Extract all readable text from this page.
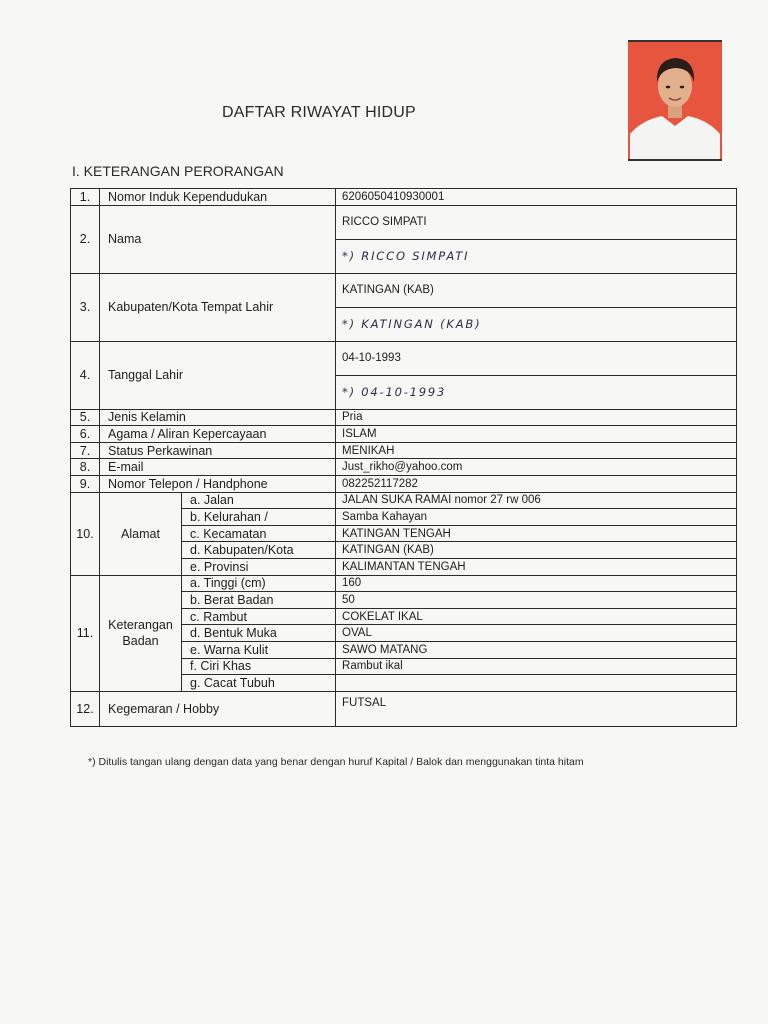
DAFTAR RIWAYAT HIDUP
I. KETERANGAN PERORANGAN
1.	Nomor Induk Kependudukan		6206050410930001
2.	Nama		RICCO SIMPATI
			*) RICCO SIMPATI
3.	Kabupaten/Kota Tempat Lahir		KATINGAN (KAB)
			*) KATINGAN (KAB)
4.	Tanggal Lahir		04-10-1993
			*) 04-10-1993
5.	Jenis Kelamin		Pria
6.	Agama / Aliran Kepercayaan		ISLAM
7.	Status Perkawinan		MENIKAH
8.	E-mail		Just_rikho@yahoo.com
9.	Nomor Telepon / Handphone		082252117282
10.	Alamat	a. Jalan	JALAN SUKA RAMAI nomor 27 rw 006
		b. Kelurahan /	Samba Kahayan
		c. Kecamatan	KATINGAN TENGAH
		d. Kabupaten/Kota	KATINGAN (KAB)
		e. Provinsi	KALIMANTAN TENGAH
11.	Keterangan
Badan	a. Tinggi (cm)	160
		b. Berat Badan	50
		c. Rambut	COKELAT IKAL
		d. Bentuk Muka	OVAL
		e. Warna Kulit	SAWO MATANG
		f. Ciri Khas	Rambut ikal
		g. Cacat Tubuh	
12.	Kegemaran / Hobby		FUTSAL
*) Ditulis tangan ulang dengan data yang benar dengan huruf Kapital / Balok dan menggunakan tinta hitam
